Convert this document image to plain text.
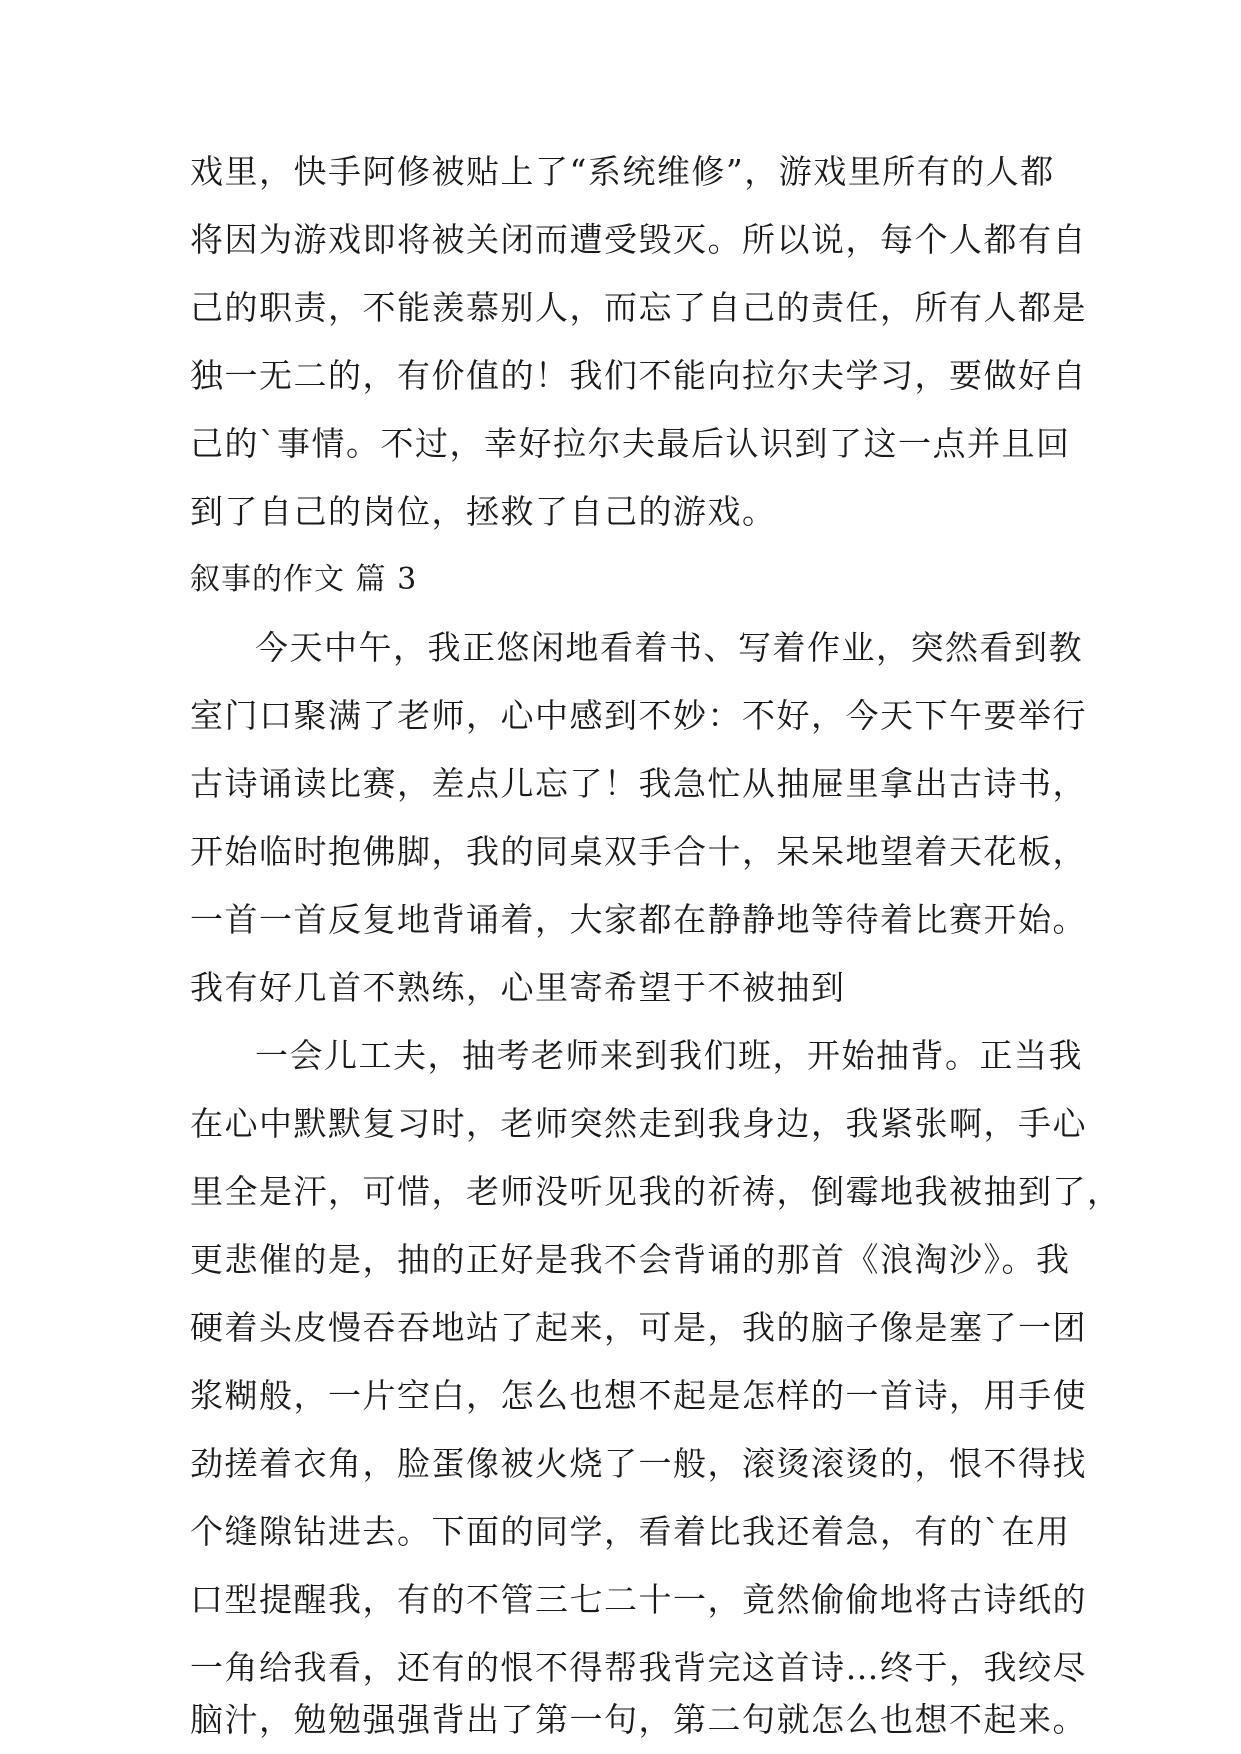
戏里，快手阿修被贴上了“系统维修”，游戏里所有的人都

将因为游戏即将被关闭而遭受毁灭。所以说，每个人都有自

己的职责，不能羡慕别人，而忘了自己的责任，所有人都是

独一无二的，有价值的！我们不能向拉尔夫学习，要做好自

己的`事情。不过，幸好拉尔夫最后认识到了这一点并且回

到了自己的岗位，拯救了自己的游戏。

叙事的作文 篇 3

今天中午，我正悠闲地看着书、写着作业，突然看到教

室门口聚满了老师，心中感到不妙：不好，今天下午要举行

古诗诵读比赛，差点儿忘了！我急忙从抽屉里拿出古诗书，

开始临时抱佛脚，我的同桌双手合十，呆呆地望着天花板，

一首一首反复地背诵着，大家都在静静地等待着比赛开始。

我有好几首不熟练，心里寄希望于不被抽到

一会儿工夫，抽考老师来到我们班，开始抽背。正当我

在心中默默复习时，老师突然走到我身边，我紧张啊，手心

里全是汗，可惜，老师没听见我的祈祷，倒霉地我被抽到了，

更悲催的是，抽的正好是我不会背诵的那首《浪淘沙》。我

硬着头皮慢吞吞地站了起来，可是，我的脑子像是塞了一团

浆糊般，一片空白，怎么也想不起是怎样的一首诗，用手使

劲搓着衣角，脸蛋像被火烧了一般，滚烫滚烫的，恨不得找

个缝隙钻进去。下面的同学，看着比我还着急，有的`在用

口型提醒我，有的不管三七二十一，竟然偷偷地将古诗纸的

一角给我看，还有的恨不得帮我背完这首诗…终于，我绞尽

脑汁，勉勉强强背出了第一句，第二句就怎么也想不起来。
